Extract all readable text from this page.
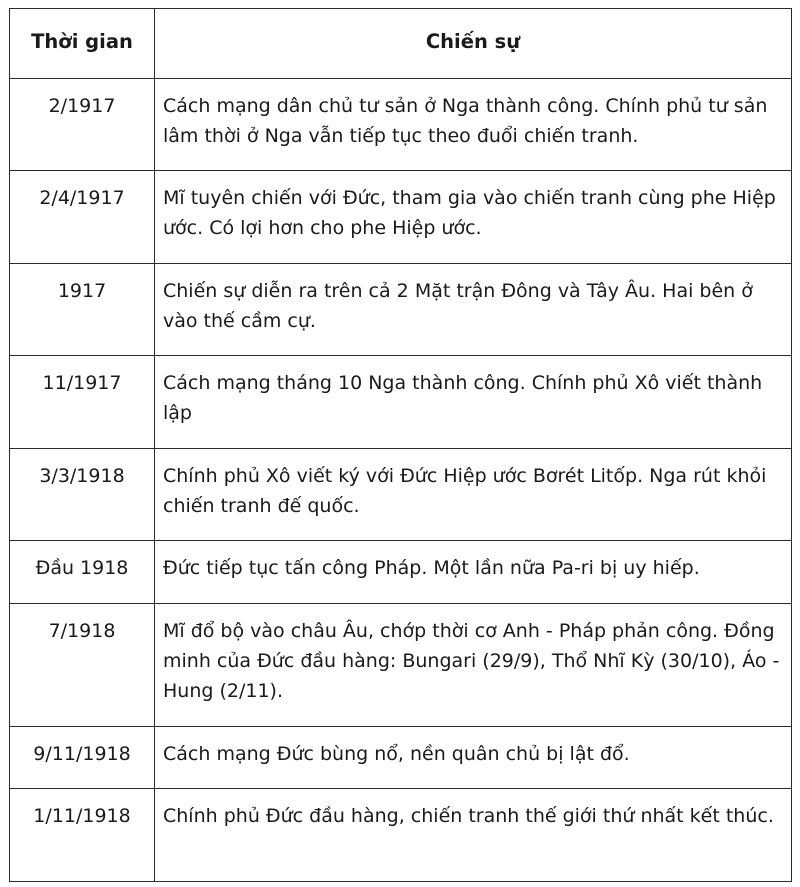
Thời gian	Chiến sự
2/1917	Cách mạng dân chủ tư sản ở Nga thành công. Chính phủ tư sản lâm thời ở Nga vẫn tiếp tục theo đuổi chiến tranh.
2/4/1917	Mĩ tuyên chiến với Đức, tham gia vào chiến tranh cùng phe Hiệp ước. Có lợi hơn cho phe Hiệp ước.
1917	Chiến sự diễn ra trên cả 2 Mặt trận Đông và Tây Âu. Hai bên ở vào thế cầm cự.
11/1917	Cách mạng tháng 10 Nga thành công. Chính phủ Xô viết thành lập
3/3/1918	Chính phủ Xô viết ký với Đức Hiệp ước Bơrét Litốp. Nga rút khỏi chiến tranh đế quốc.
Đầu 1918	Đức tiếp tục tấn công Pháp. Một lần nữa Pa-ri bị uy hiếp.
7/1918	Mĩ đổ bộ vào châu Âu, chớp thời cơ Anh - Pháp phản công. Đồng minh của Đức đầu hàng: Bungari (29/9), Thổ Nhĩ Kỳ (30/10), Áo - Hung (2/11).
9/11/1918	Cách mạng Đức bùng nổ, nền quân chủ bị lật đổ.
1/11/1918	Chính phủ Đức đầu hàng, chiến tranh thế giới thứ nhất kết thúc.
